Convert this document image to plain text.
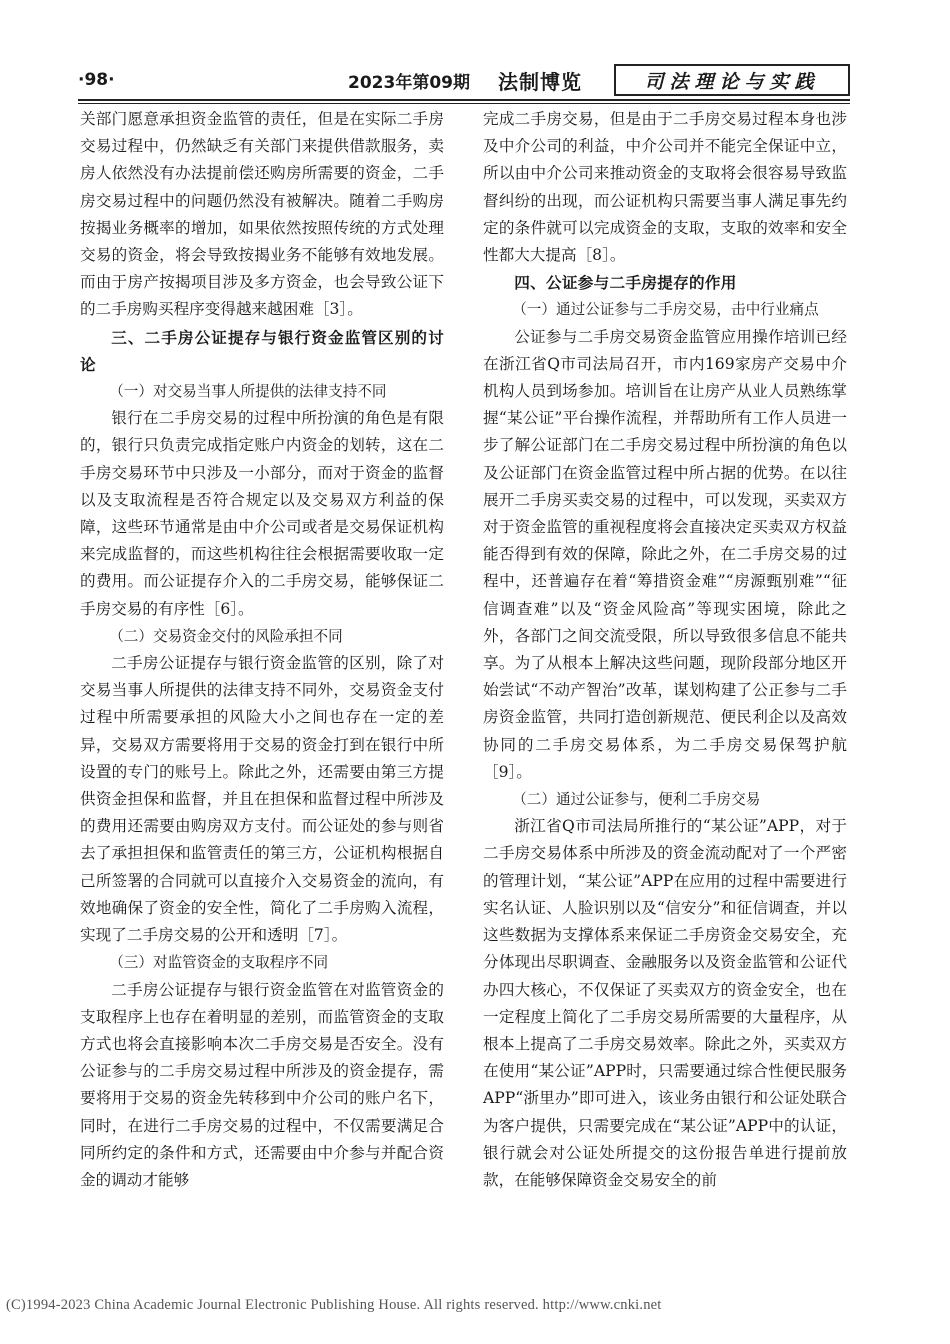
·98·	2023年第09期 法制博览	司法理论与实践

关部门愿意承担资金监管的责任，但是在实际二手房交易过程中，仍然缺乏有关部门来提供借款服务，卖房人依然没有办法提前偿还购房所需要的资金，二手房交易过程中的问题仍然没有被解决。随着二手购房按揭业务概率的增加，如果依然按照传统的方式处理交易的资金，将会导致按揭业务不能够有效地发展。而由于房产按揭项目涉及多方资金，也会导致公证下的二手房购买程序变得越来越困难［3］。

三、二手房公证提存与银行资金监管区别的讨论

（一）对交易当事人所提供的法律支持不同

银行在二手房交易的过程中所扮演的角色是有限的，银行只负责完成指定账户内资金的划转，这在二手房交易环节中只涉及一小部分，而对于资金的监督以及支取流程是否符合规定以及交易双方利益的保障，这些环节通常是由中介公司或者是交易保证机构来完成监督的，而这些机构往往会根据需要收取一定的费用。而公证提存介入的二手房交易，能够保证二手房交易的有序性［6］。

（二）交易资金交付的风险承担不同

二手房公证提存与银行资金监管的区别，除了对交易当事人所提供的法律支持不同外，交易资金支付过程中所需要承担的风险大小之间也存在一定的差异，交易双方需要将用于交易的资金打到在银行中所设置的专门的账号上。除此之外，还需要由第三方提供资金担保和监督，并且在担保和监督过程中所涉及的费用还需要由购房双方支付。而公证处的参与则省去了承担担保和监管责任的第三方，公证机构根据自己所签署的合同就可以直接介入交易资金的流向，有效地确保了资金的安全性，简化了二手房购入流程，实现了二手房交易的公开和透明［7］。

（三）对监管资金的支取程序不同

二手房公证提存与银行资金监管在对监管资金的支取程序上也存在着明显的差别，而监管资金的支取方式也将会直接影响本次二手房交易是否安全。没有公证参与的二手房交易过程中所涉及的资金提存，需要将用于交易的资金先转移到中介公司的账户名下，同时，在进行二手房交易的过程中，不仅需要满足合同所约定的条件和方式，还需要由中介参与并配合资金的调动才能够

完成二手房交易，但是由于二手房交易过程本身也涉及中介公司的利益，中介公司并不能完全保证中立，所以由中介公司来推动资金的支取将会很容易导致监督纠纷的出现，而公证机构只需要当事人满足事先约定的条件就可以完成资金的支取，支取的效率和安全性都大大提高［8］。

四、公证参与二手房提存的作用

（一）通过公证参与二手房交易，击中行业痛点

公证参与二手房交易资金监管应用操作培训已经在浙江省Q市司法局召开，市内169家房产交易中介机构人员到场参加。培训旨在让房产从业人员熟练掌握“某公证”平台操作流程，并帮助所有工作人员进一步了解公证部门在二手房交易过程中所扮演的角色以及公证部门在资金监管过程中所占据的优势。在以往展开二手房买卖交易的过程中，可以发现，买卖双方对于资金监管的重视程度将会直接决定买卖双方权益能否得到有效的保障，除此之外，在二手房交易的过程中，还普遍存在着“筹措资金难”“房源甄别难”“征信调查难”以及“资金风险高”等现实困境，除此之外，各部门之间交流受限，所以导致很多信息不能共享。为了从根本上解决这些问题，现阶段部分地区开始尝试“不动产智治”改革，谋划构建了公正参与二手房资金监管，共同打造创新规范、便民利企以及高效协同的二手房交易体系，为二手房交易保驾护航［9］。

（二）通过公证参与，便利二手房交易

浙江省Q市司法局所推行的“某公证”APP，对于二手房交易体系中所涉及的资金流动配对了一个严密的管理计划，“某公证”APP在应用的过程中需要进行实名认证、人脸识别以及“信安分”和征信调查，并以这些数据为支撑体系来保证二手房资金交易安全，充分体现出尽职调查、金融服务以及资金监管和公证代办四大核心，不仅保证了买卖双方的资金安全，也在一定程度上简化了二手房交易所需要的大量程序，从根本上提高了二手房交易效率。除此之外，买卖双方在使用“某公证”APP时，只需要通过综合性便民服务APP“浙里办”即可进入，该业务由银行和公证处联合为客户提供，只需要完成在“某公证”APP中的认证，银行就会对公证处所提交的这份报告单进行提前放款，在能够保障资金交易安全的前

(C)1994-2023 China Academic Journal Electronic Publishing House. All rights reserved. http://www.cnki.net
